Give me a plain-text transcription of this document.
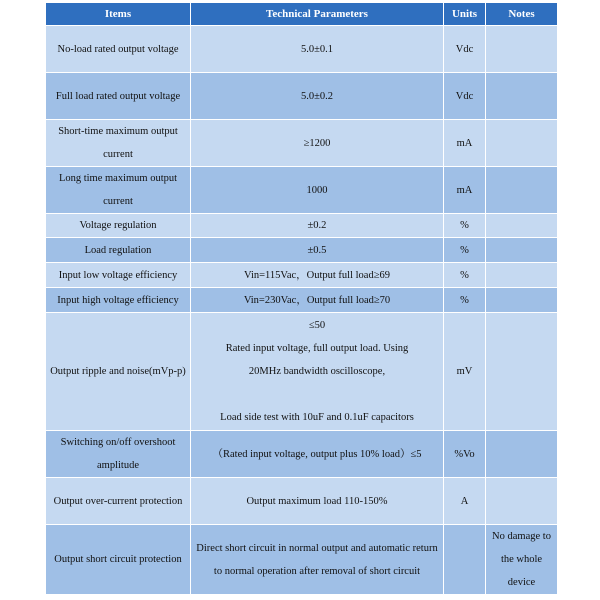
Items	Technical Parameters	Units	Notes
No-load rated output voltage	5.0±0.1	Vdc	
Full load rated output voltage	5.0±0.2	Vdc	
Short-time maximum output current	≥1200	mA	
Long time maximum output current	1000	mA	
Voltage regulation	±0.2	%	
Load regulation	±0.5	%	
Input low voltage efficiency	Vin=115Vac，Output full load≥69	%	
Input high voltage efficiency	Vin=230Vac，Output full load≥70	%	
Output ripple and noise(mVp-p)	≤50
Rated input voltage, full output load. Using
20MHz bandwidth oscilloscope,
Load side test with 10uF and 0.1uF capacitors	mV	
Switching on/off overshoot amplitude	（Rated input voltage, output plus 10% load）≤5	%Vo	
Output over-current protection	Output maximum load 110-150%	A	
Output short circuit protection	Direct short circuit in normal output and automatic return to normal operation after removal of short circuit		No damage to the whole device
